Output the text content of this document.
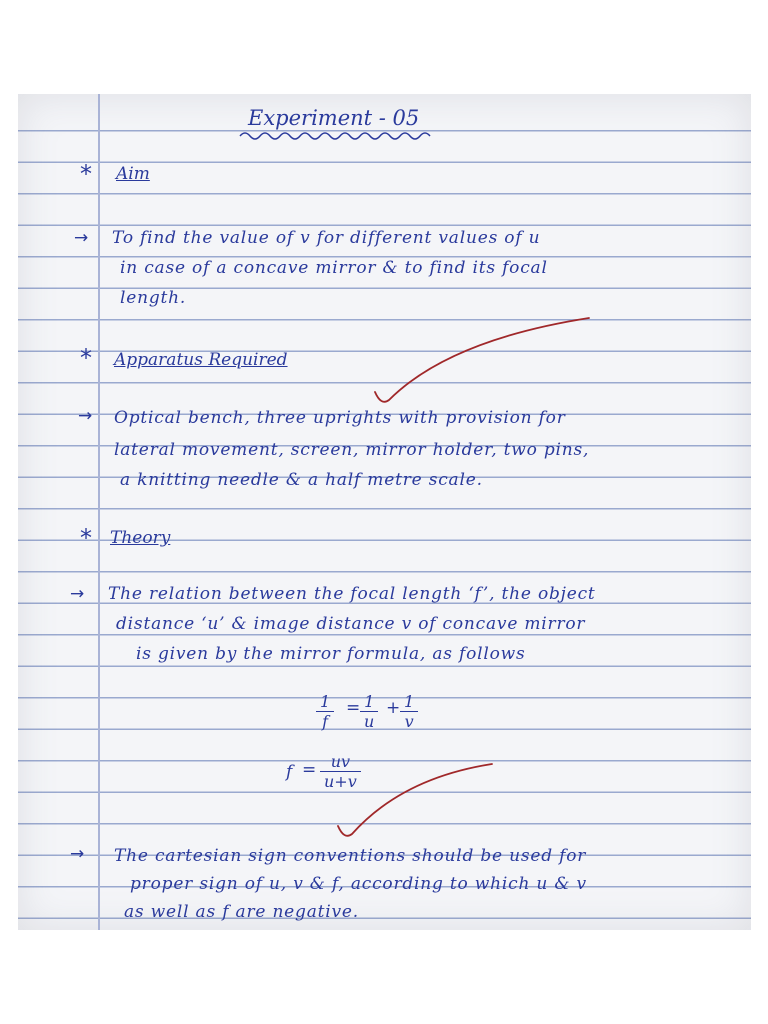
Experiment - 05
* Aim
→ To find the value of v for different values of u
in case of a concave mirror & to find its focal
length.
* Apparatus Required
→ Optical bench, three uprights with provision for
lateral movement, screen, mirror holder, two pins,
a knitting needle & a half metre scale.
* Theory
→ The relation between the focal length ‘f’, the object
distance ‘u’ & image distance v of concave mirror
is given by the mirror formula, as follows
$\frac{1}{f} = \frac{1}{u} + \frac{1}{v}$
$f = \frac{uv}{u+v}$
→ The cartesian sign conventions should be used for
proper sign of u, v & f, according to which u & v
as well as f are negative.
